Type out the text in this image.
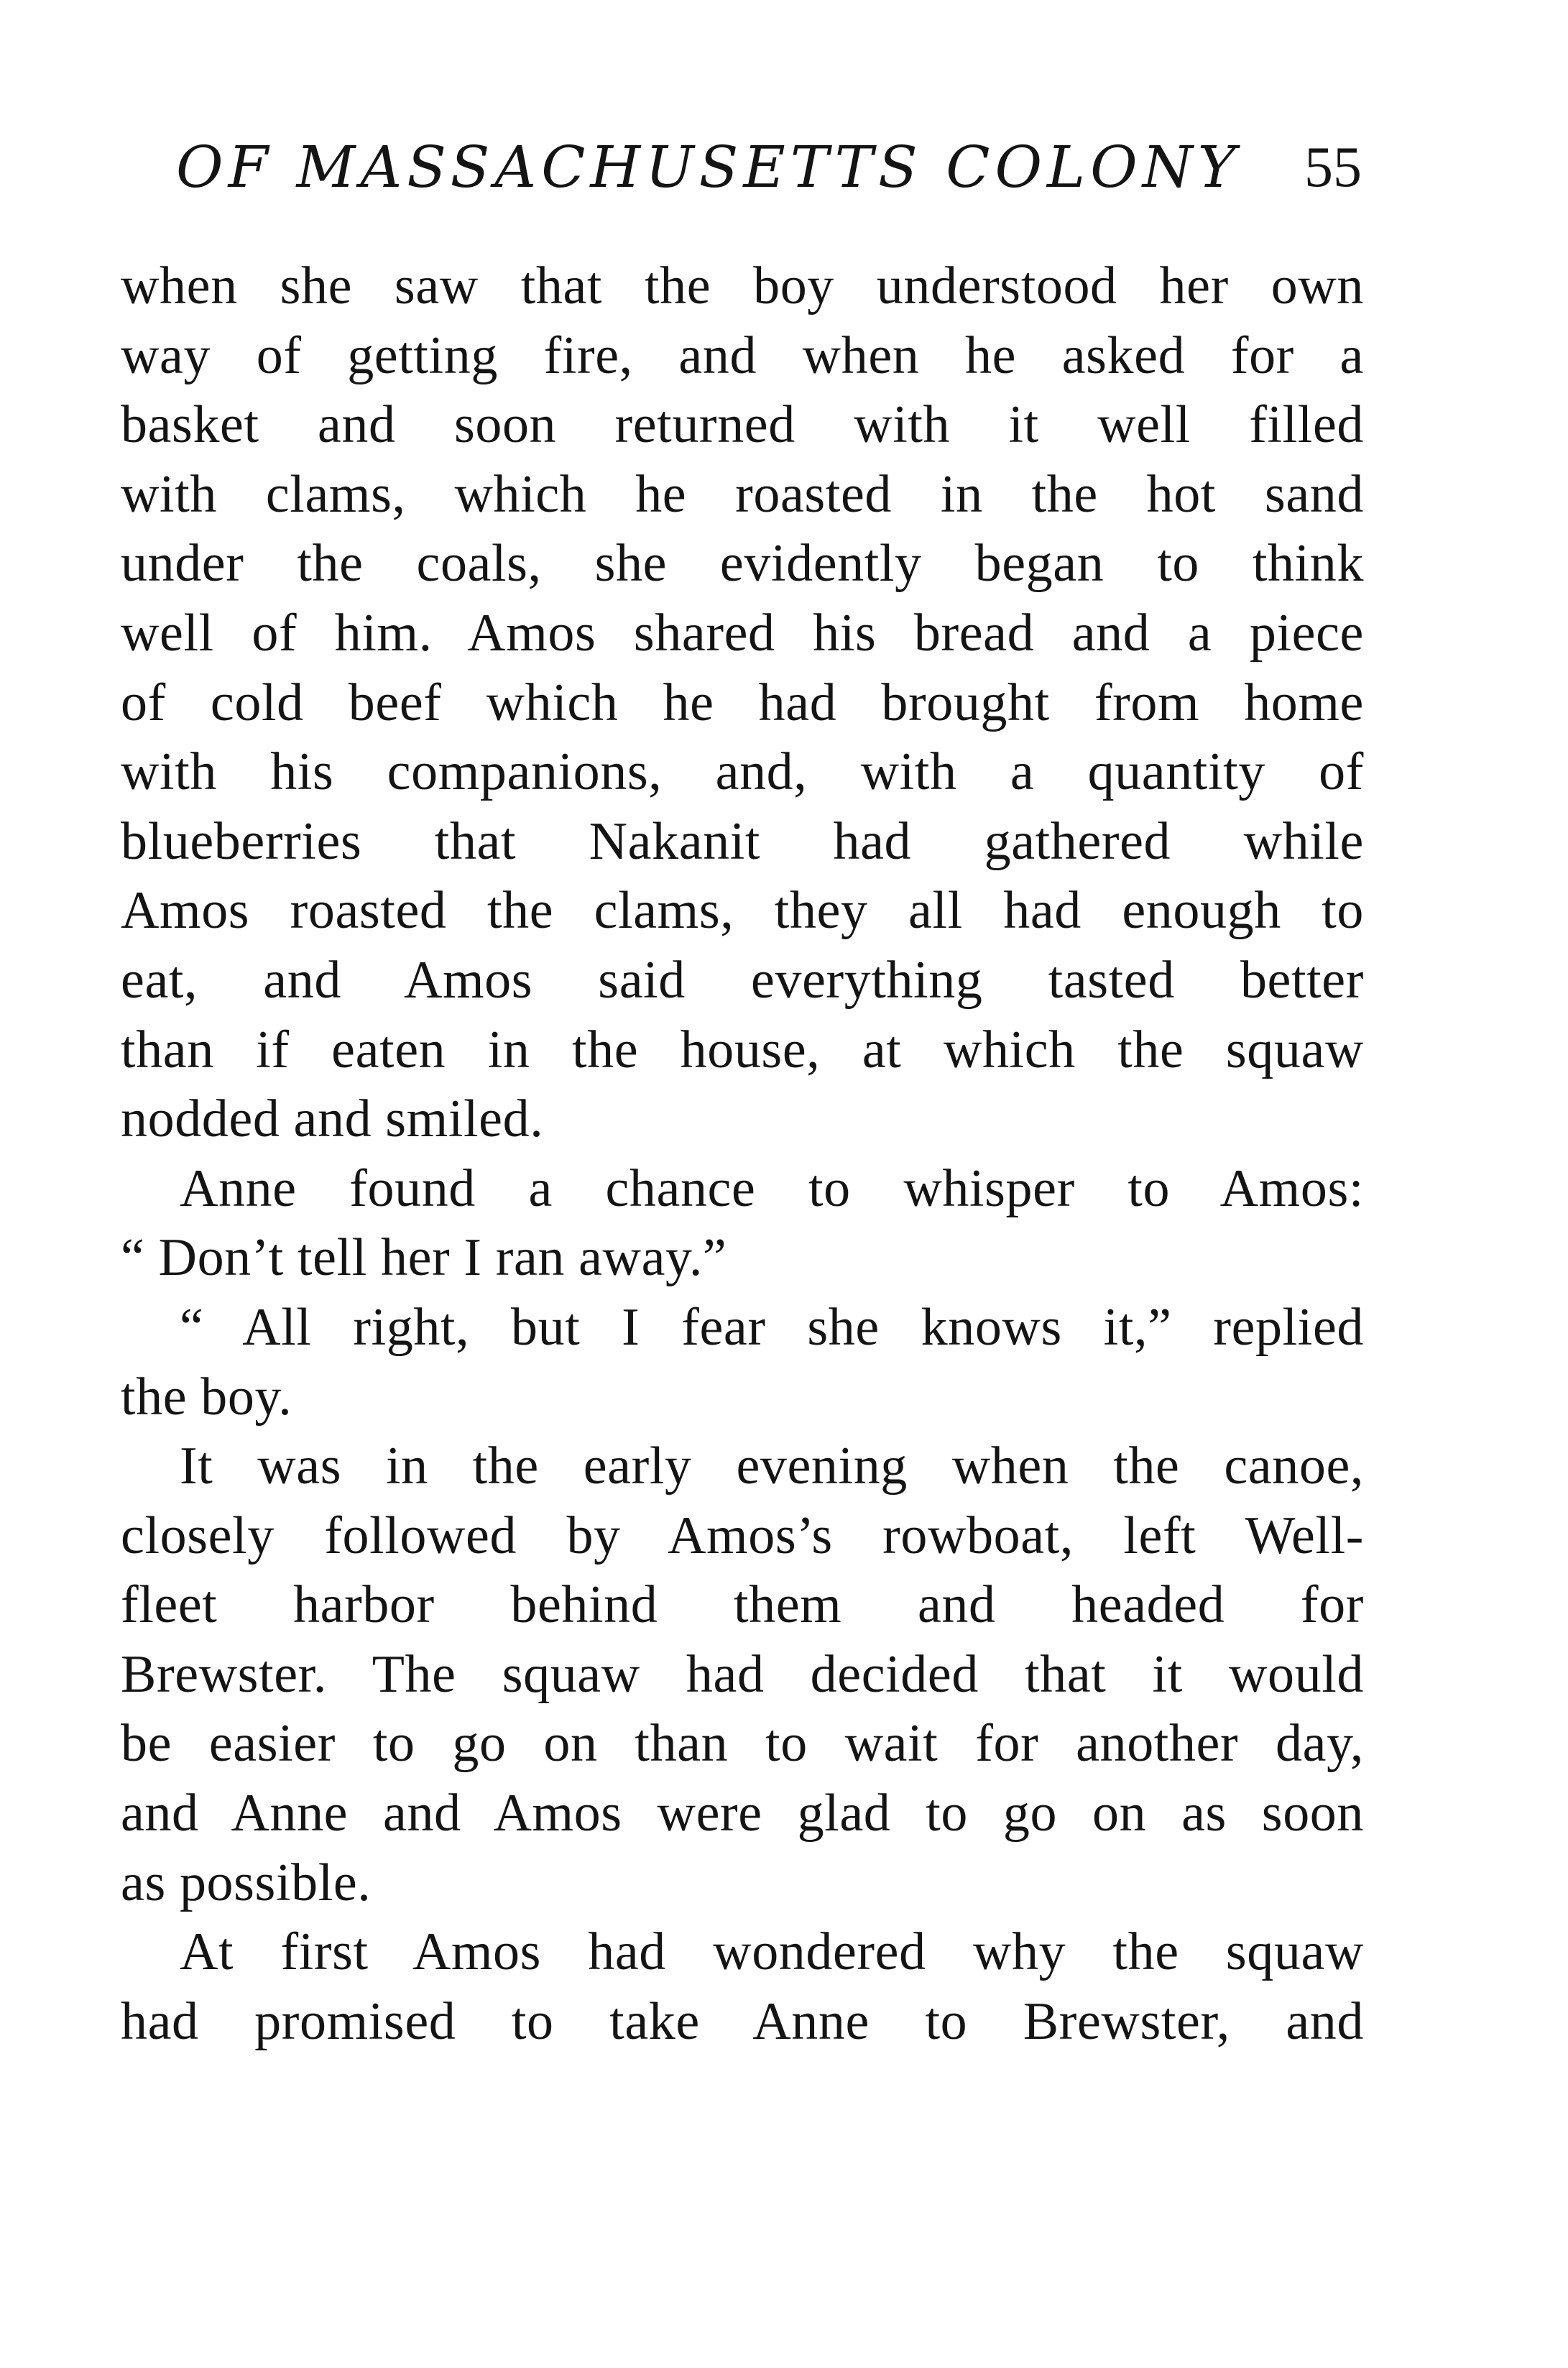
OF MASSACHUSETTS COLONY 55
when she saw that the boy understood her own
way of getting fire, and when he asked for a
basket and soon returned with it well filled
with clams, which he roasted in the hot sand
under the coals, she evidently began to think
well of him. Amos shared his bread and a piece
of cold beef which he had brought from home
with his companions, and, with a quantity of
blueberries that Nakanit had gathered while
Amos roasted the clams, they all had enough to
eat, and Amos said everything tasted better
than if eaten in the house, at which the squaw
nodded and smiled.
Anne found a chance to whisper to Amos:
“ Don’t tell her I ran away.”
“ All right, but I fear she knows it,” replied
the boy.
It was in the early evening when the canoe,
closely followed by Amos’s rowboat, left Well-
fleet harbor behind them and headed for
Brewster. The squaw had decided that it would
be easier to go on than to wait for another day,
and Anne and Amos were glad to go on as soon
as possible.
At first Amos had wondered why the squaw
had promised to take Anne to Brewster, and
